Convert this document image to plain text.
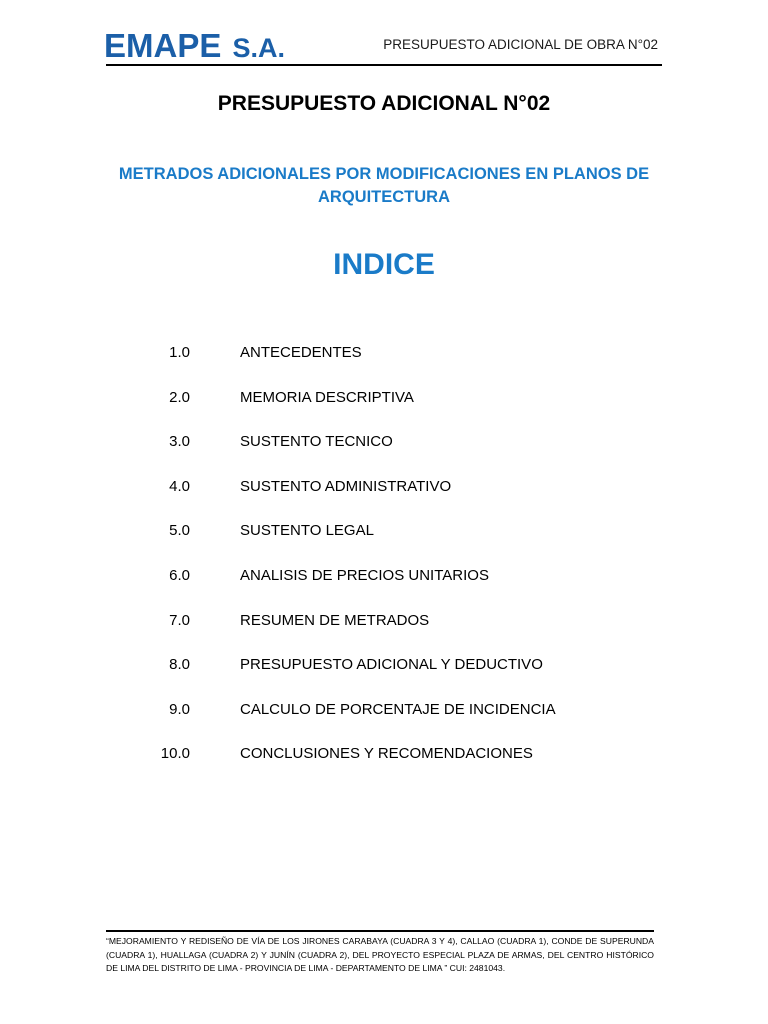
EMAPE S.A.	PRESUPUESTO ADICIONAL DE OBRA N°02
PRESUPUESTO ADICIONAL N°02
METRADOS ADICIONALES POR MODIFICACIONES EN PLANOS DE ARQUITECTURA
INDICE
1.0	ANTECEDENTES
2.0	MEMORIA DESCRIPTIVA
3.0	SUSTENTO TECNICO
4.0	SUSTENTO ADMINISTRATIVO
5.0	SUSTENTO LEGAL
6.0	ANALISIS DE PRECIOS UNITARIOS
7.0	RESUMEN DE METRADOS
8.0	PRESUPUESTO ADICIONAL Y DEDUCTIVO
9.0	CALCULO DE PORCENTAJE DE INCIDENCIA
10.0	CONCLUSIONES Y RECOMENDACIONES
“MEJORAMIENTO Y REDISEÑO DE VÍA DE LOS JIRONES CARABAYA (CUADRA 3 Y 4), CALLAO (CUADRA 1), CONDE DE SUPERUNDA (CUADRA 1), HUALLAGA (CUADRA 2) Y JUNÍN (CUADRA 2), DEL PROYECTO ESPECIAL PLAZA DE ARMAS, DEL CENTRO HISTÓRICO DE LIMA DEL DISTRITO DE LIMA - PROVINCIA DE LIMA - DEPARTAMENTO DE LIMA ” CUI: 2481043.
